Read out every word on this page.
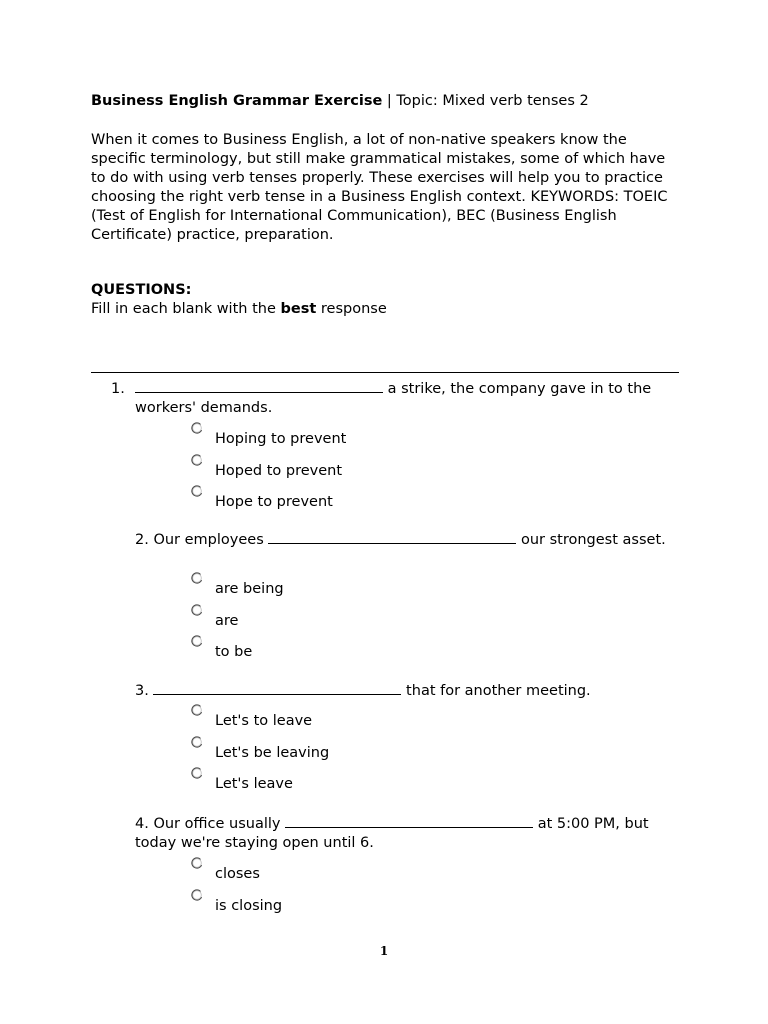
Business English Grammar Exercise | Topic: Mixed verb tenses 2
When it comes to Business English, a lot of non-native speakers know the specific terminology, but still make grammatical mistakes, some of which have to do with using verb tenses properly. These exercises will help you to practice choosing the right verb tense in a Business English context. KEYWORDS: TOEIC (Test of English for International Communication), BEC (Business English Certificate) practice, preparation.
QUESTIONS:
Fill in each blank with the best response
1.	a strike, the company gave in to the workers' demands.
Hoping to prevent
Hoped to prevent
Hope to prevent
2. Our employees	our strongest asset.
are being
are
to be
3.	that for another meeting.
Let's to leave
Let's be leaving
Let's leave
4. Our office usually	at 5:00 PM, but today we're staying open until 6.
closes
is closing
1
